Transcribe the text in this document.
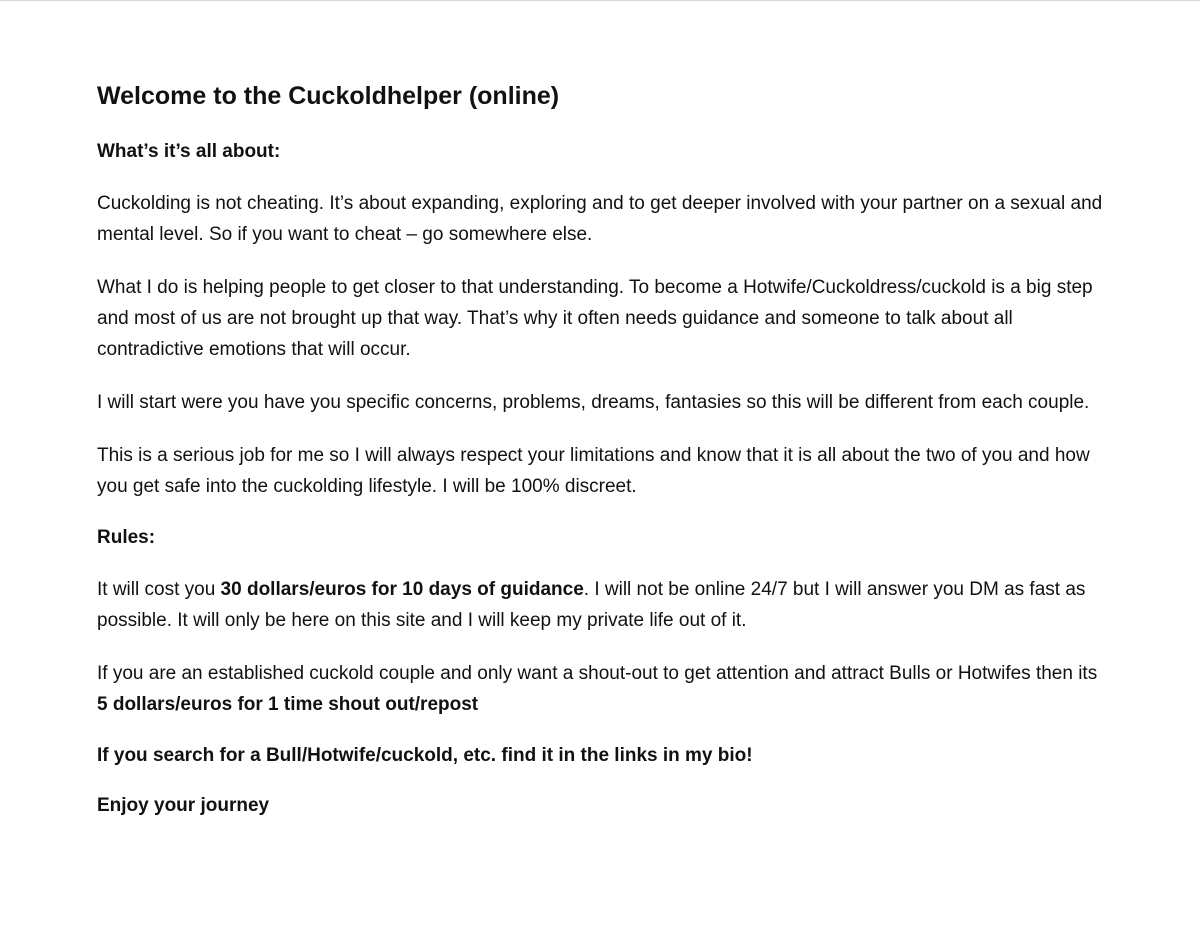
Welcome to the Cuckoldhelper (online)

What’s it’s all about:

Cuckolding is not cheating. It’s about expanding, exploring and to get deeper involved with your partner on a sexual and mental level. So if you want to cheat – go somewhere else.

What I do is helping people to get closer to that understanding. To become a Hotwife/Cuckoldress/cuckold is a big step and most of us are not brought up that way. That’s why it often needs guidance and someone to talk about all contradictive emotions that will occur.

I will start were you have you specific concerns, problems, dreams, fantasies so this will be different from each couple.

This is a serious job for me so I will always respect your limitations and know that it is all about the two of you and how you get safe into the cuckolding lifestyle. I will be 100% discreet.

Rules:

It will cost you 30 dollars/euros for 10 days of guidance. I will not be online 24/7 but I will answer you DM as fast as possible. It will only be here on this site and I will keep my private life out of it.

If you are an established cuckold couple and only want a shout-out to get attention and attract Bulls or Hotwifes then its 5 dollars/euros for 1 time shout out/repost

If you search for a Bull/Hotwife/cuckold, etc. find it in the links in my bio!

Enjoy your journey
